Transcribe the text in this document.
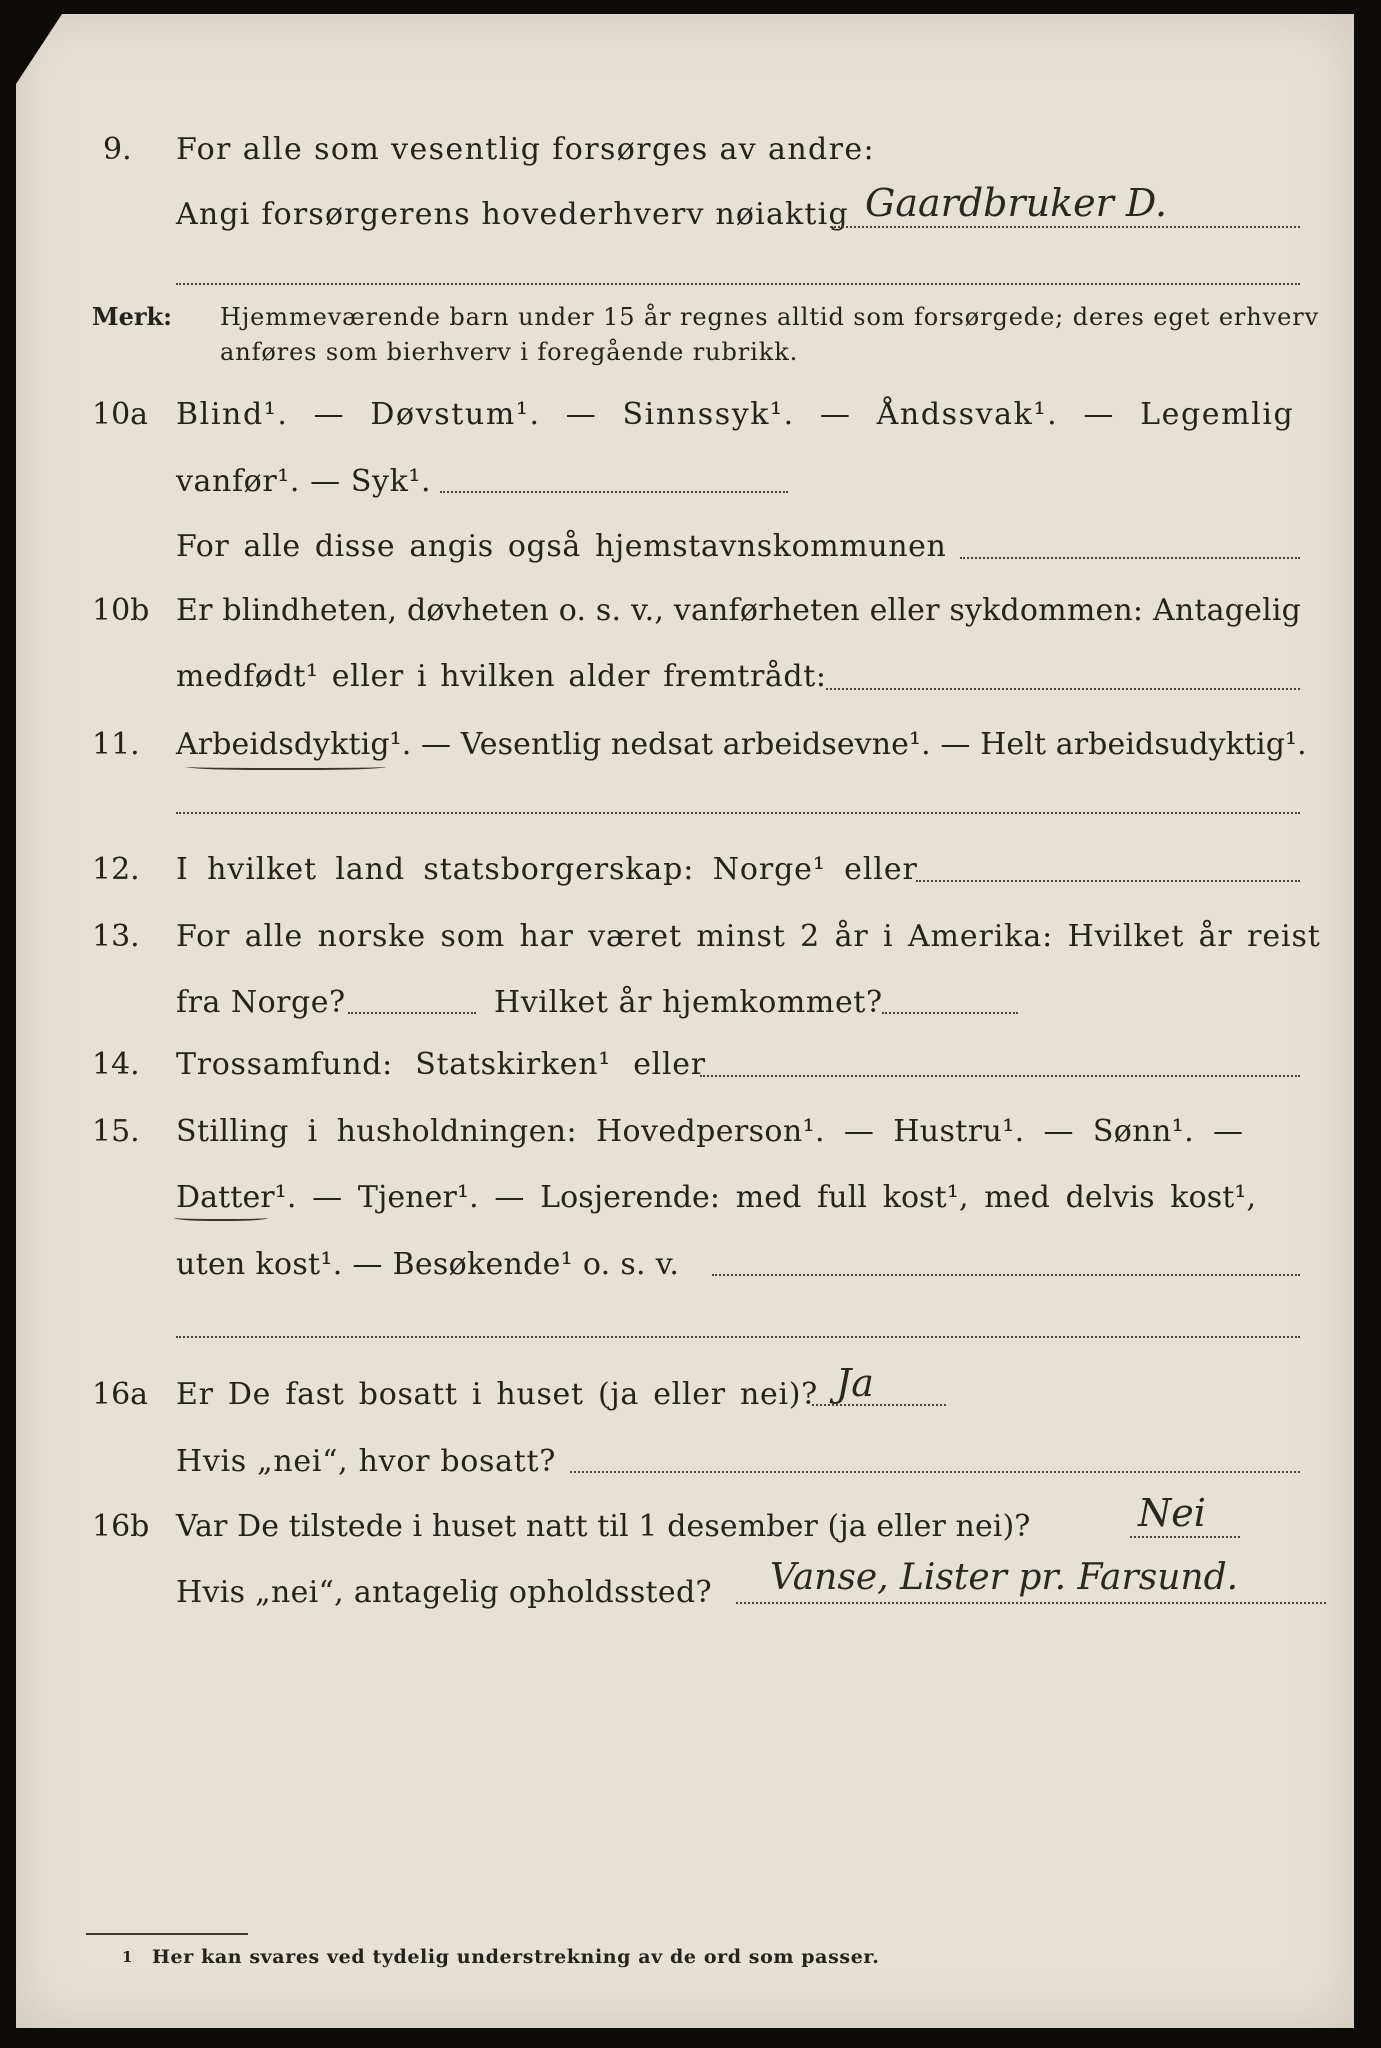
9. For alle som vesentlig forsørges av andre:
Angi forsørgerens hovederhverv nøiaktig Gaardbruker D.
Merk: Hjemmeværende barn under 15 år regnes alltid som forsørgede; deres eget erhverv
anføres som bierhverv i foregående rubrikk.
10a Blind¹. — Døvstum¹. — Sinnssyk¹. — Åndssvak¹. — Legemlig
vanfør¹. — Syk¹.
For alle disse angis også hjemstavnskommunen
10b Er blindheten, døvheten o. s. v., vanførheten eller sykdommen: Antagelig
medfødt¹ eller i hvilken alder fremtrådt:
11. Arbeidsdyktig¹. — Vesentlig nedsat arbeidsevne¹. — Helt arbeidsudyktig¹.
12. I hvilket land statsborgerskap: Norge¹ eller
13. For alle norske som har været minst 2 år i Amerika: Hvilket år reist
fra Norge?	Hvilket år hjemkommet?
14. Trossamfund: Statskirken¹ eller
15. Stilling i husholdningen: Hovedperson¹. — Hustru¹. — Sønn¹. —
Datter¹. — Tjener¹. — Losjerende: med full kost¹, med delvis kost¹,
uten kost¹. — Besøkende¹ o. s. v.
16a Er De fast bosatt i huset (ja eller nei)? Ja
Hvis „nei“, hvor bosatt?
16b Var De tilstede i huset natt til 1 desember (ja eller nei)?	Nei
Hvis „nei“, antagelig opholdssted? Vanse, Lister pr. Farsund.
1 Her kan svares ved tydelig understrekning av de ord som passer.
